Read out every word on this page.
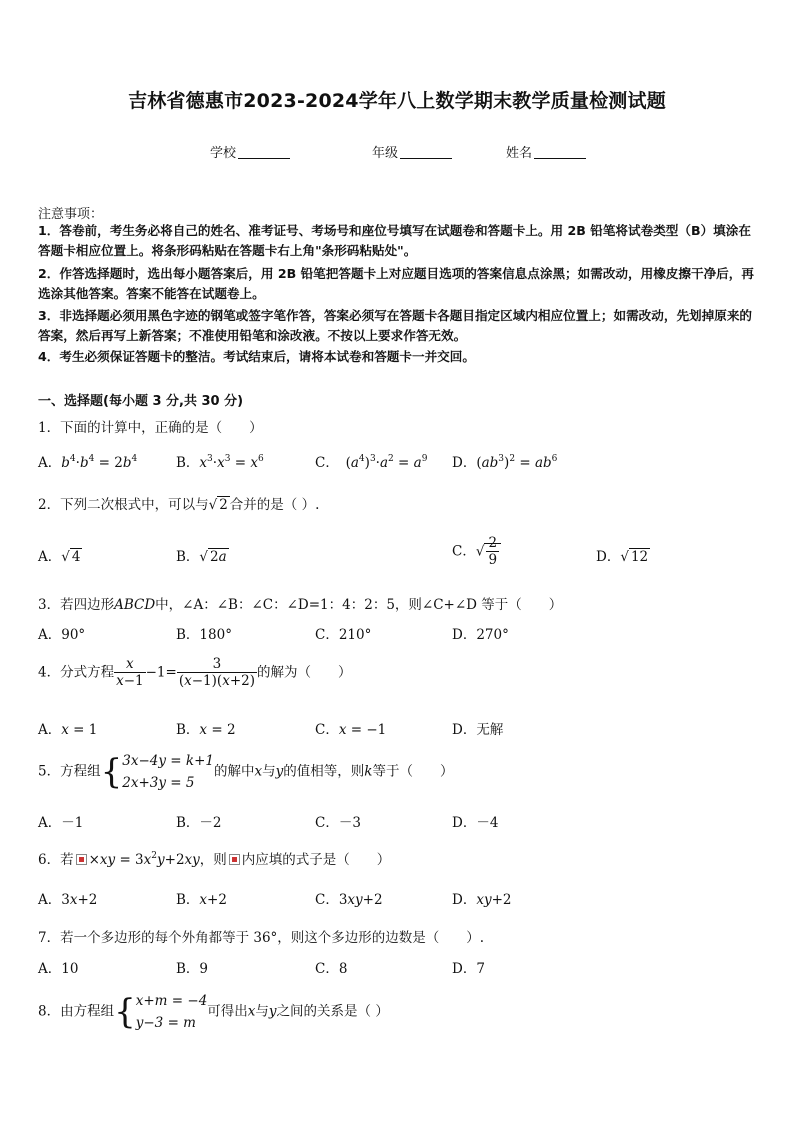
吉林省德惠市2023-2024学年八上数学期末教学质量检测试题
学校	年级	姓名
注意事项：
1．答卷前，考生务必将自己的姓名、准考证号、考场号和座位号填写在试题卷和答题卡上。用 2B 铅笔将试卷类型（B）填涂在答题卡相应位置上。将条形码粘贴在答题卡右上角"条形码粘贴处"。
2．作答选择题时，选出每小题答案后，用 2B 铅笔把答题卡上对应题目选项的答案信息点涂黑；如需改动，用橡皮擦干净后，再选涂其他答案。答案不能答在试题卷上。
3．非选择题必须用黑色字迹的钢笔或签字笔作答，答案必须写在答题卡各题目指定区域内相应位置上；如需改动，先划掉原来的答案，然后再写上新答案；不准使用铅笔和涂改液。不按以上要求作答无效。
4．考生必须保证答题卡的整洁。考试结束后，请将本试卷和答题卡一并交回。
一、选择题(每小题 3 分,共 30 分)
1．下面的计算中，正确的是（　　）
A．$b^4\cdot b^4 = 2b^4$	B．$x^3\cdot x^3 = x^6$	C．　$(a^4)^3\cdot a^2 = a^9$ D．$(ab^3)^2 = ab^6$
2．下列二次根式中，可以与√ 2 合并的是（ ）.
A．√ 4	B．√ 2a	C．√ $\frac{2}{9}$	D．√ 12
3．若四边形ABCD中，∠A：∠B：∠C：∠D=1：4：2：5，则∠C+∠D 等于（　　）
A．90°	B．180°	C．210°	D．270°
4．分式方程 $\frac{x}{x-1} -1= \frac{3}{(x-1)(x+2)}$ 的解为（　　）
A．x = 1	B．x = 2	C．x = −1	D．无解
5．方程组{3x−4y = k+1
2x+3y = 5的解中x与y的值相等，则k等于（　　）
A．－1	B．－2	C．－3	D．－4
6．若 $\times xy = 3x^2y+2xy$，则 内应填的式子是（　　）
A．3x+2	B．x+2	C．3xy+2	D．xy+2
7．若一个多边形的每个外角都等于 36°，则这个多边形的边数是（　　）.
A．10	B．9	C．8	D．7
8．由方程组{x+m = −4
y−3 = m可得出x与y之间的关系是（ ）
